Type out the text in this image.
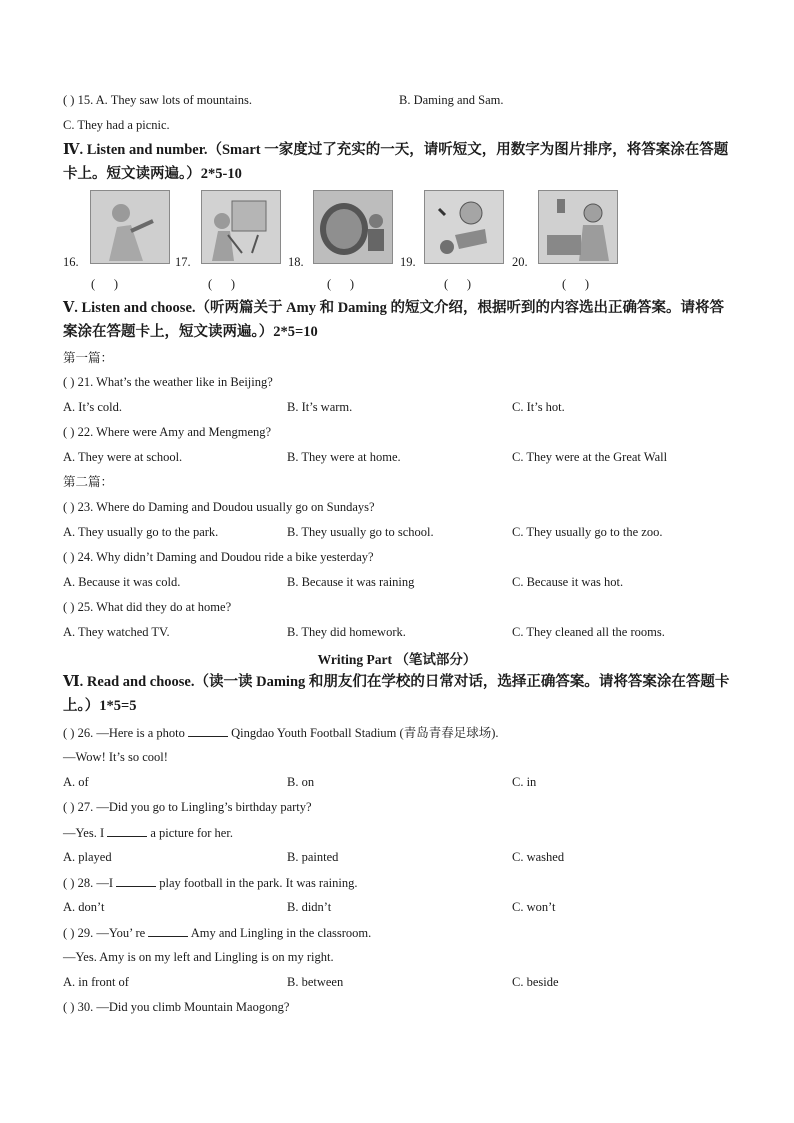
( ) 15. A. They saw lots of mountains.	B. Daming and Sam.
C. They had a picnic.
Ⅳ. Listen and number.（Smart 一家度过了充实的一天，请听短文，用数字为图片排序，将答案涂在答题卡上。短文读两遍。）2*5-10
16.
(      )
17.
(      )
18.
(      )
19.
(      )
20.
(      )
Ⅴ. Listen and choose.（听两篇关于 Amy 和 Daming 的短文介绍，根据听到的内容选出正确答案。请将答案涂在答题卡上，短文读两遍。）2*5=10
第一篇：
( ) 21. What’s the weather like in Beijing?
A. It’s cold.	B. It’s warm.	C. It’s hot.
( ) 22. Where were Amy and Mengmeng?
A. They were at school.	B. They were at home.	C. They were at the Great Wall
第二篇：
( ) 23. Where do Daming and Doudou usually go on Sundays?
A. They usually go to the park.	B. They usually go to school.	C. They usually go to the zoo.
( ) 24. Why didn’t Daming and Doudou ride a bike yesterday?
A. Because it was cold.	B. Because it was raining	C. Because it was hot.
( ) 25. What did they do at home?
A. They watched TV.	B. They did homework.	C. They cleaned all the rooms.
Writing Part （笔试部分）
Ⅵ. Read and choose.（读一读 Daming 和朋友们在学校的日常对话，选择正确答案。请将答案涂在答题卡上。）1*5=5
( ) 26. —Here is a photo	Qingdao Youth Football Stadium (青岛青春足球场).
—Wow! It’s so cool!
A. of	B. on	C. in
( ) 27. —Did you go to Lingling’s birthday party?
—Yes. I	a picture for her.
A. played	B. painted	C. washed
( ) 28. —I	play football in the park. It was raining.
A. don’t	B. didn’t	C. won’t
( ) 29. —You’ re	Amy and Lingling in the classroom.
—Yes. Amy is on my left and Lingling is on my right.
A. in front of	B. between	C. beside
( ) 30. —Did you climb Mountain Maogong?
